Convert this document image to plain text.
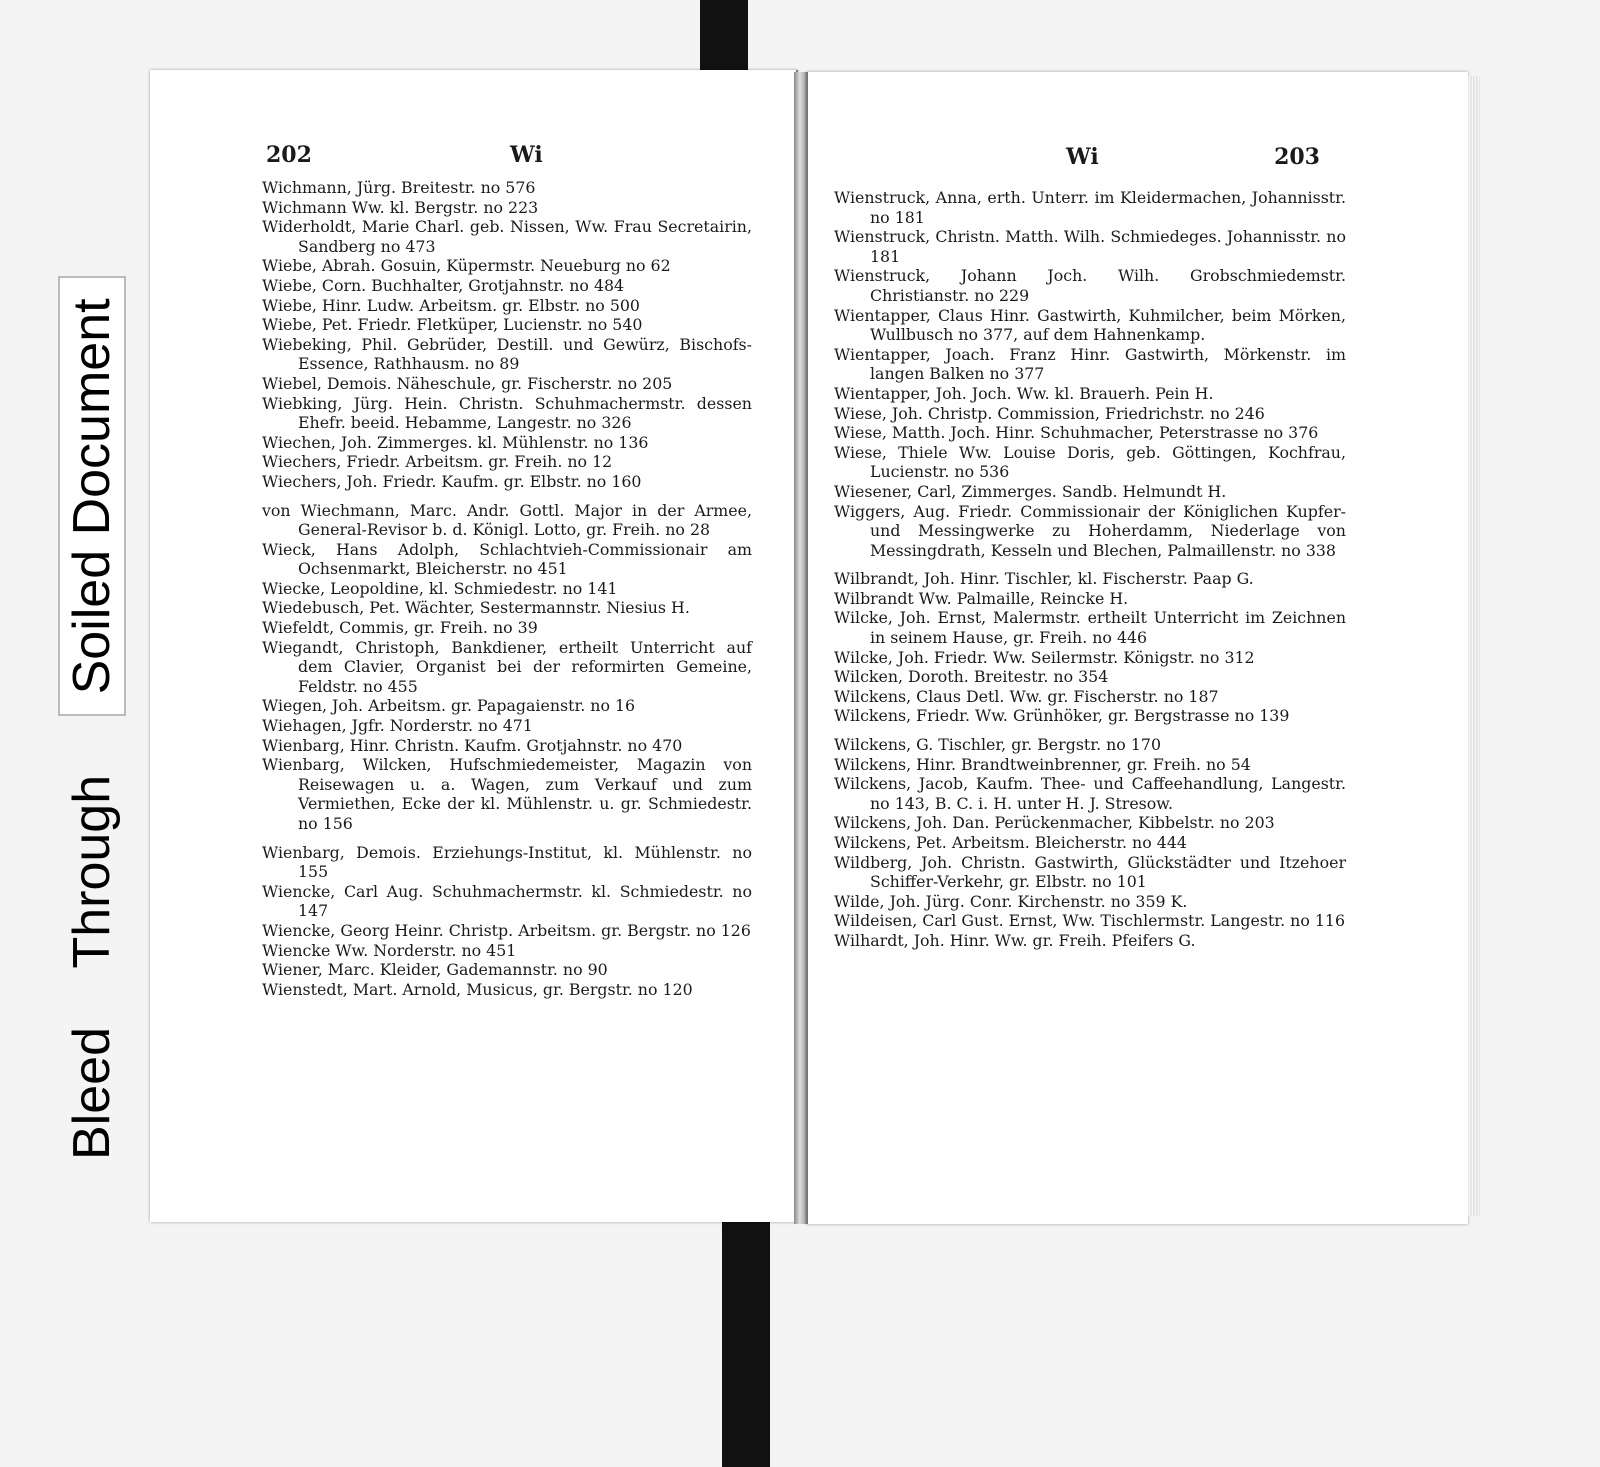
Bleed Through Soiled Document
202	Wi

Wichmann, Jürg. Breitestr. no 576

Wichmann Ww. kl. Bergstr. no 223

Widerholdt, Marie Charl. geb. Nissen, Ww. Frau Secretairin, Sandberg no 473

Wiebe, Abrah. Gosuin, Küpermstr. Neueburg no 62

Wiebe, Corn. Buchhalter, Grotjahnstr. no 484

Wiebe, Hinr. Ludw. Arbeitsm. gr. Elbstr. no 500

Wiebe, Pet. Friedr. Fletküper, Lucienstr. no 540

Wiebeking, Phil. Gebrüder, Destill. und Gewürz, Bischofs-Essence, Rathhausm. no 89

Wiebel, Demois. Näheschule, gr. Fischerstr. no 205

Wiebking, Jürg. Hein. Christn. Schuhmachermstr. dessen Ehefr. beeid. Hebamme, Langestr. no 326

Wiechen, Joh. Zimmerges. kl. Mühlenstr. no 136

Wiechers, Friedr. Arbeitsm. gr. Freih. no 12

Wiechers, Joh. Friedr. Kaufm. gr. Elbstr. no 160

von Wiechmann, Marc. Andr. Gottl. Major in der Armee, General-Revisor b. d. Königl. Lotto, gr. Freih. no 28

Wieck, Hans Adolph, Schlachtvieh-Commissionair am Ochsenmarkt, Bleicherstr. no 451

Wiecke, Leopoldine, kl. Schmiedestr. no 141

Wiedebusch, Pet. Wächter, Sestermannstr. Niesius H.

Wiefeldt, Commis, gr. Freih. no 39

Wiegandt, Christoph, Bankdiener, ertheilt Unterricht auf dem Clavier, Organist bei der reformirten Gemeine, Feldstr. no 455

Wiegen, Joh. Arbeitsm. gr. Papagaienstr. no 16

Wiehagen, Jgfr. Norderstr. no 471

Wienbarg, Hinr. Christn. Kaufm. Grotjahnstr. no 470

Wienbarg, Wilcken, Hufschmiedemeister, Magazin von Reisewagen u. a. Wagen, zum Verkauf und zum Vermiethen, Ecke der kl. Mühlenstr. u. gr. Schmiedestr. no 156

Wienbarg, Demois. Erziehungs-Institut, kl. Mühlenstr. no 155

Wiencke, Carl Aug. Schuhmachermstr. kl. Schmiedestr. no 147

Wiencke, Georg Heinr. Christp. Arbeitsm. gr. Bergstr. no 126

Wiencke Ww. Norderstr. no 451

Wiener, Marc. Kleider, Gademannstr. no 90

Wienstedt, Mart. Arnold, Musicus, gr. Bergstr. no 120

Wi	203

Wienstruck, Anna, erth. Unterr. im Kleidermachen, Johannisstr. no 181

Wienstruck, Christn. Matth. Wilh. Schmiedeges. Johannisstr. no 181

Wienstruck, Johann Joch. Wilh. Grobschmiedemstr. Christianstr. no 229

Wientapper, Claus Hinr. Gastwirth, Kuhmilcher, beim Mörken, Wullbusch no 377, auf dem Hahnenkamp.

Wientapper, Joach. Franz Hinr. Gastwirth, Mörkenstr. im langen Balken no 377

Wientapper, Joh. Joch. Ww. kl. Brauerh. Pein H.

Wiese, Joh. Christp. Commission, Friedrichstr. no 246

Wiese, Matth. Joch. Hinr. Schuhmacher, Peterstrasse no 376

Wiese, Thiele Ww. Louise Doris, geb. Göttingen, Kochfrau, Lucienstr. no 536

Wiesener, Carl, Zimmerges. Sandb. Helmundt H.

Wiggers, Aug. Friedr. Commissionair der Königlichen Kupfer- und Messingwerke zu Hoherdamm, Niederlage von Messingdrath, Kesseln und Blechen, Palmaillenstr. no 338

Wilbrandt, Joh. Hinr. Tischler, kl. Fischerstr. Paap G.

Wilbrandt Ww. Palmaille, Reincke H.

Wilcke, Joh. Ernst, Malermstr. ertheilt Unterricht im Zeichnen in seinem Hause, gr. Freih. no 446

Wilcke, Joh. Friedr. Ww. Seilermstr. Königstr. no 312

Wilcken, Doroth. Breitestr. no 354

Wilckens, Claus Detl. Ww. gr. Fischerstr. no 187

Wilckens, Friedr. Ww. Grünhöker, gr. Bergstrasse no 139

Wilckens, G. Tischler, gr. Bergstr. no 170

Wilckens, Hinr. Brandtweinbrenner, gr. Freih. no 54

Wilckens, Jacob, Kaufm. Thee- und Caffeehandlung, Langestr. no 143, B. C. i. H. unter H. J. Stresow.

Wilckens, Joh. Dan. Perückenmacher, Kibbelstr. no 203

Wilckens, Pet. Arbeitsm. Bleicherstr. no 444

Wildberg, Joh. Christn. Gastwirth, Glückstädter und Itzehoer Schiffer-Verkehr, gr. Elbstr. no 101

Wilde, Joh. Jürg. Conr. Kirchenstr. no 359 K.

Wildeisen, Carl Gust. Ernst, Ww. Tischlermstr. Langestr. no 116

Wilhardt, Joh. Hinr. Ww. gr. Freih. Pfeifers G.
